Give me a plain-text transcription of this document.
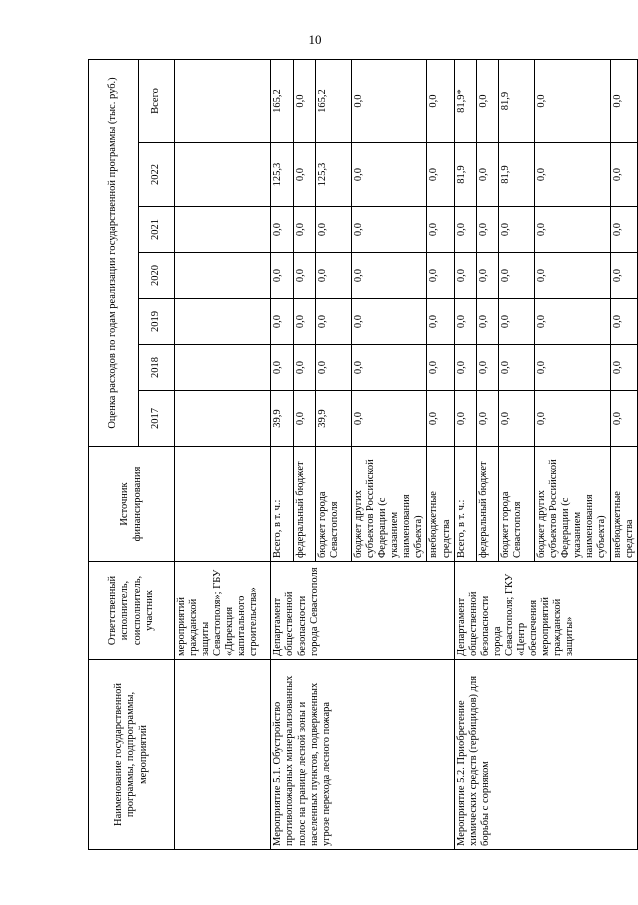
10
Наименование государственной программы, подпрограммы, мероприятий	Ответственный исполнитель, соисполнитель, участник	Источник финансирования	Оценка расходов по годам реализации государственной программы (тыс. руб.)						
			2017	2018	2019	2020	2021	2022	Всего
	мероприятий гражданской защиты Севастополя»; ГБУ «Дирекция капитального строительства»								
Мероприятие 5.1. Обустройство противопожарных минерализованных полос на границе лесной зоны и населенных пунктов, подверженных угрозе перехода лесного пожара	Департамент общественной безопасности города Севастополя	Всего, в т. ч.:	39,9	0,0	0,0	0,0	0,0	125,3	165,2
		федеральный бюджет	0,0	0,0	0,0	0,0	0,0	0,0	0,0
		бюджет города Севастополя	39,9	0,0	0,0	0,0	0,0	125,3	165,2
		бюджет других субъектов Российской Федерации (с указанием наименования субъекта)	0,0	0,0	0,0	0,0	0,0	0,0	0,0
		внебюджетные средства	0,0	0,0	0,0	0,0	0,0	0,0	0,0
Мероприятие 5.2. Приобретение химических средств (гербицидов) для борьбы с сорняком	Департамент общественной безопасности города Севастополя; ГКУ «Центр обеспечения мероприятий гражданской защиты»	Всего, в т. ч.:	0,0	0,0	0,0	0,0	0,0	81,9	81,9*
		федеральный бюджет	0,0	0,0	0,0	0,0	0,0	0,0	0,0
		бюджет города Севастополя	0,0	0,0	0,0	0,0	0,0	81,9	81,9
		бюджет других субъектов Российской Федерации (с указанием наименования субъекта)	0,0	0,0	0,0	0,0	0,0	0,0	0,0
		внебюджетные средства	0,0	0,0	0,0	0,0	0,0	0,0	0,0
